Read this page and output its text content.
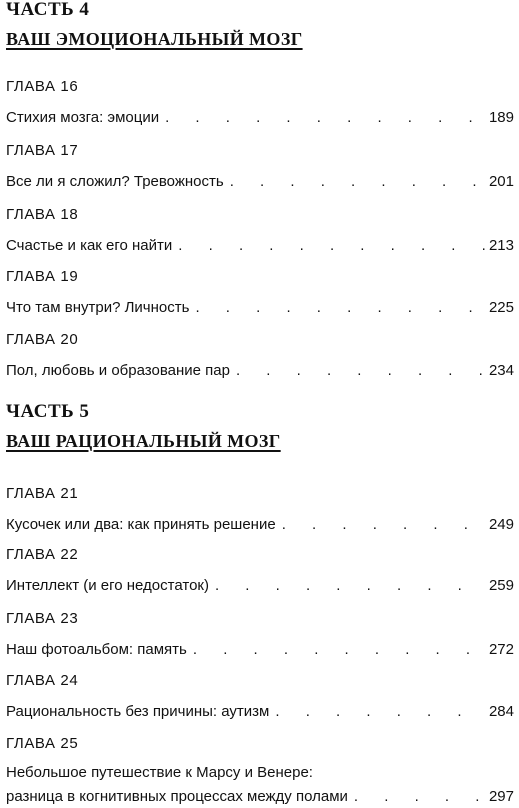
ЧАСТЬ 4
ВАШ ЭМОЦИОНАЛЬНЫЙ МОЗГ
ГЛАВА 16
Стихия мозга: эмоции . . .	189
ГЛАВА 17
Все ли я сложил? Тревожность . . .	201
ГЛАВА 18
Счастье и как его найти . . .	213
ГЛАВА 19
Что там внутри? Личность . . .	225
ГЛАВА 20
Пол, любовь и образование пар . . .	234
ЧАСТЬ 5
ВАШ РАЦИОНАЛЬНЫЙ МОЗГ
ГЛАВА 21
Кусочек или два: как принять решение . . .	249
ГЛАВА 22
Интеллект (и его недостаток) . . .	259
ГЛАВА 23
Наш фотоальбом: память . . .	272
ГЛАВА 24
Рациональность без причины: аутизм . . .	284
ГЛАВА 25
Небольшое путешествие к Марсу и Венере:
разница в когнитивных процессах между полами . . .	297
